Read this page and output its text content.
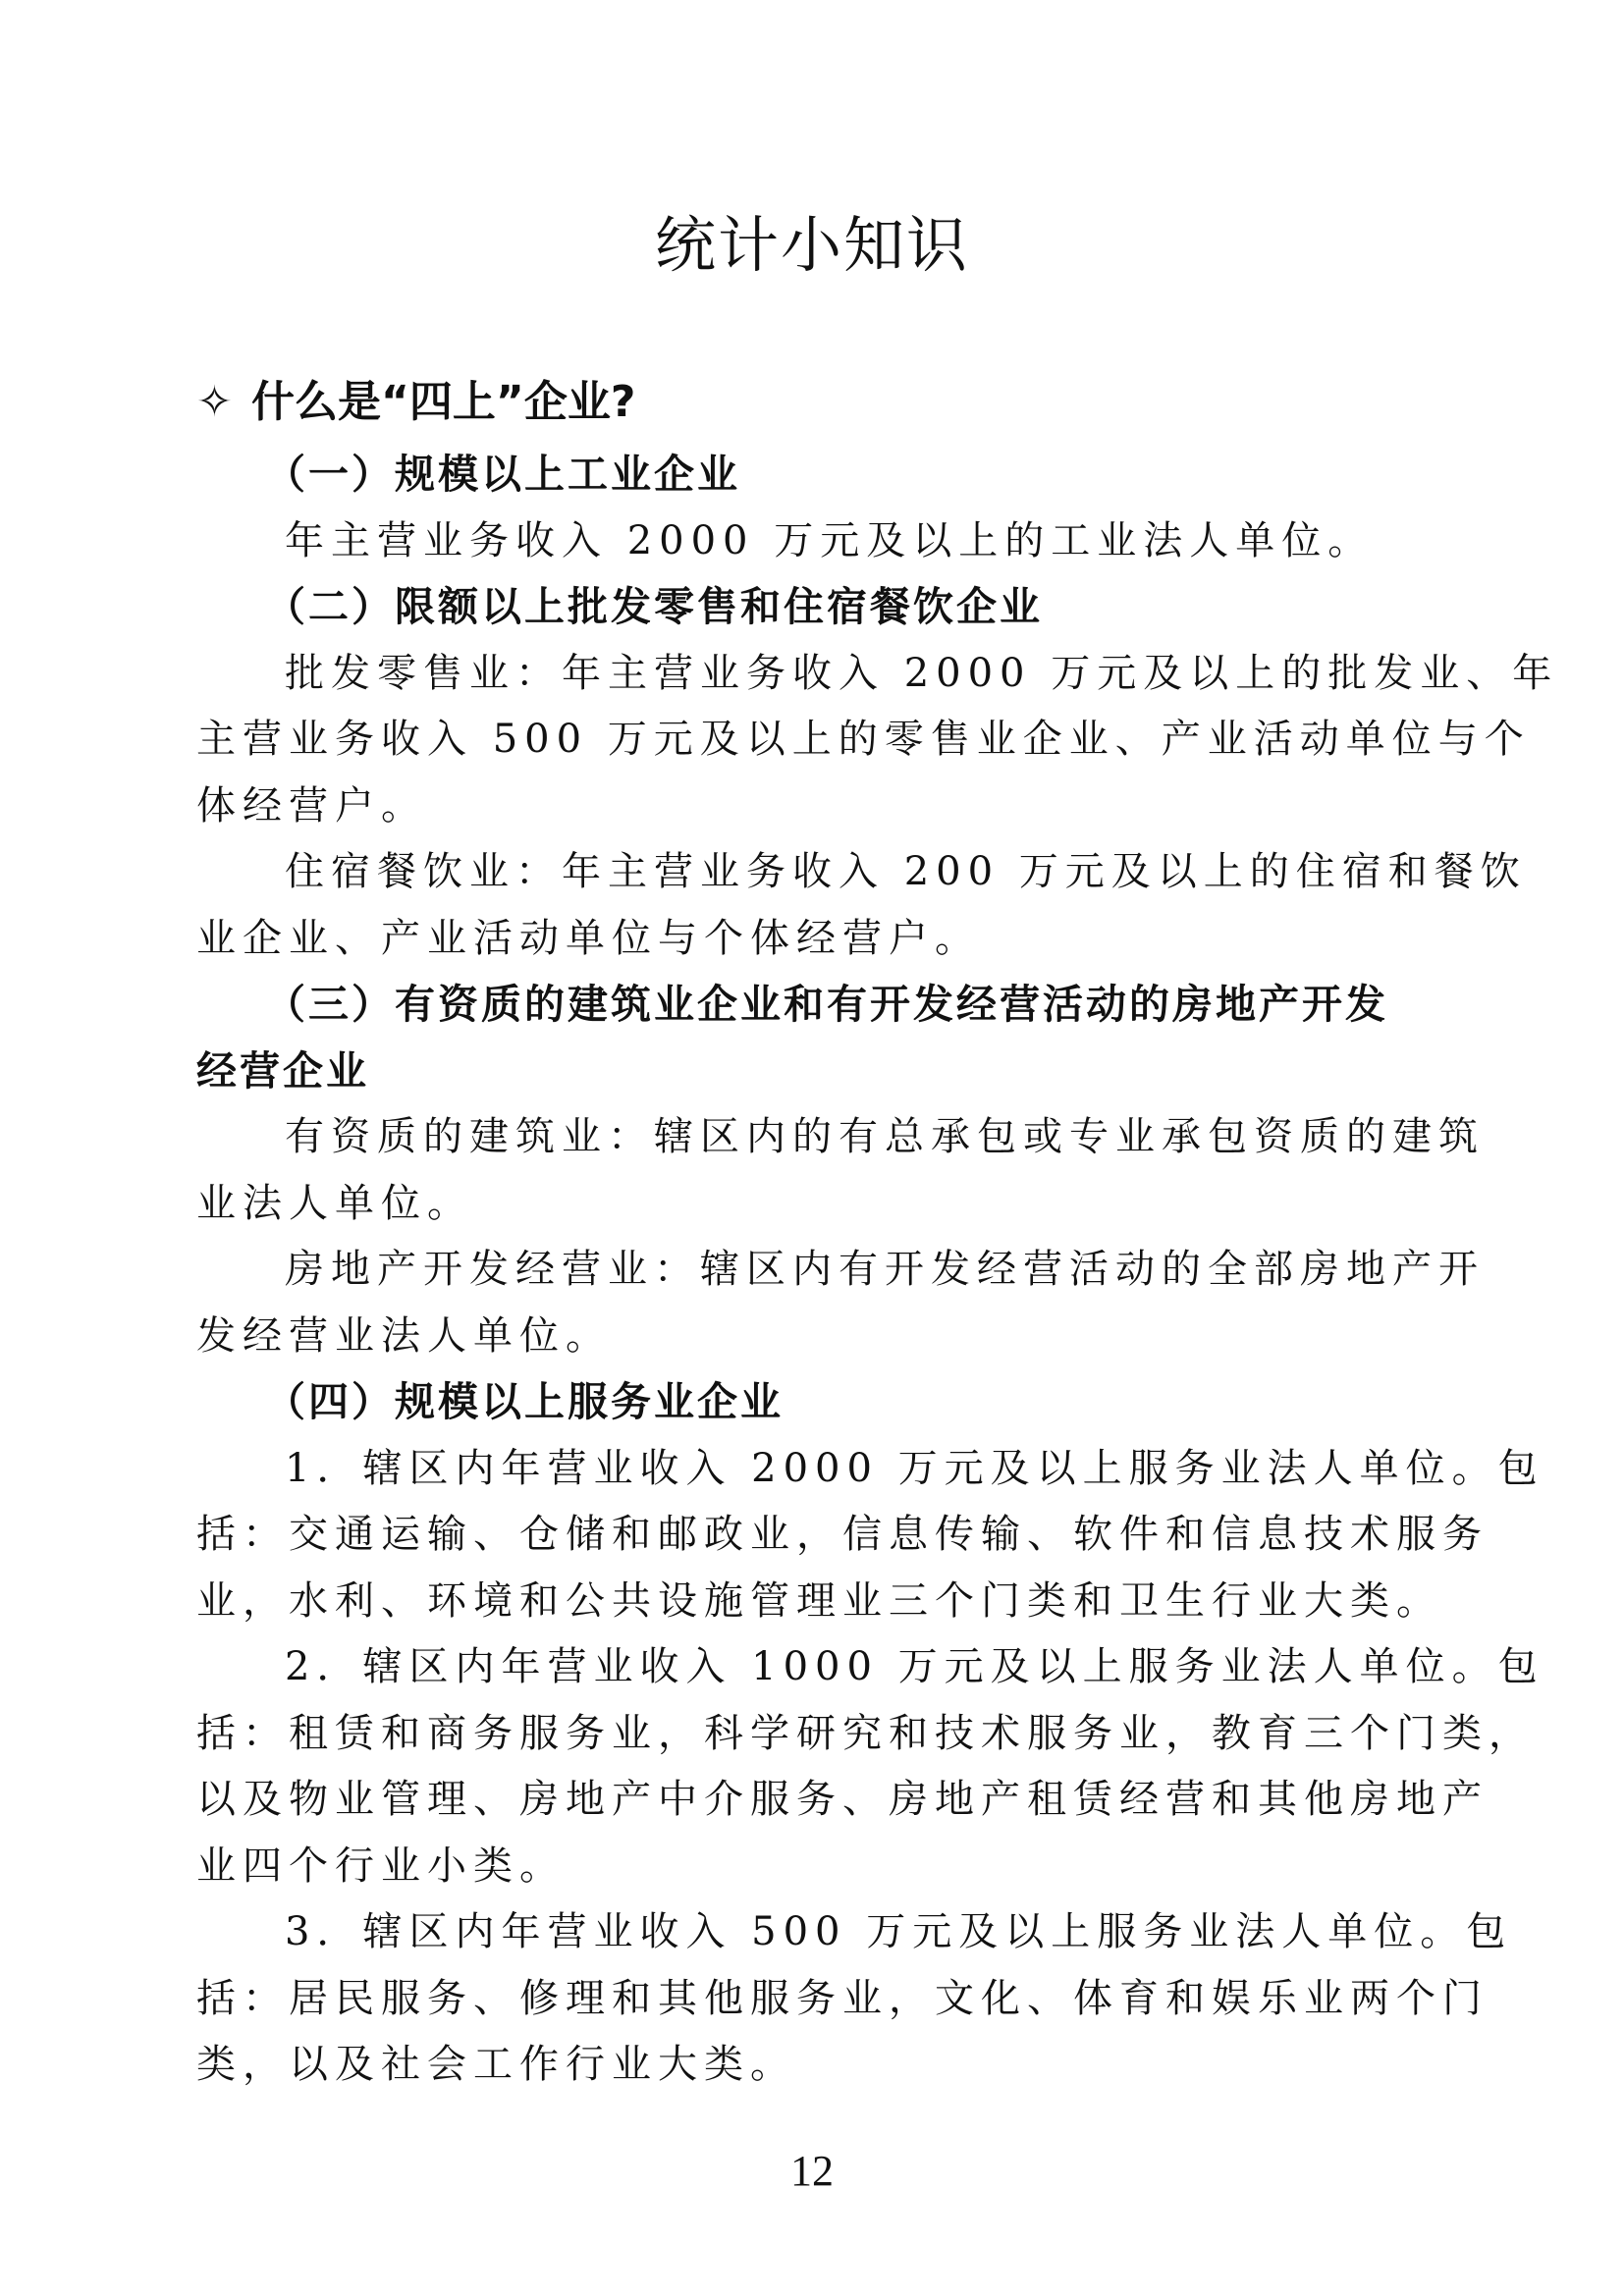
统计小知识
✧ 什么是“四上”企业?
（一）规模以上工业企业
年主营业务收入 2000 万元及以上的工业法人单位。
（二）限额以上批发零售和住宿餐饮企业
批发零售业：年主营业务收入 2000 万元及以上的批发业、年
主营业务收入 500 万元及以上的零售业企业、产业活动单位与个
体经营户。
住宿餐饮业：年主营业务收入 200 万元及以上的住宿和餐饮
业企业、产业活动单位与个体经营户。
（三）有资质的建筑业企业和有开发经营活动的房地产开发
经营企业
有资质的建筑业：辖区内的有总承包或专业承包资质的建筑
业法人单位。
房地产开发经营业：辖区内有开发经营活动的全部房地产开
发经营业法人单位。
（四）规模以上服务业企业
1．辖区内年营业收入 2000 万元及以上服务业法人单位。包
括：交通运输、仓储和邮政业，信息传输、软件和信息技术服务
业，水利、环境和公共设施管理业三个门类和卫生行业大类。
2．辖区内年营业收入 1000 万元及以上服务业法人单位。包
括：租赁和商务服务业，科学研究和技术服务业，教育三个门类，
以及物业管理、房地产中介服务、房地产租赁经营和其他房地产
业四个行业小类。
3．辖区内年营业收入 500 万元及以上服务业法人单位。包
括：居民服务、修理和其他服务业，文化、体育和娱乐业两个门
类，以及社会工作行业大类。
12
